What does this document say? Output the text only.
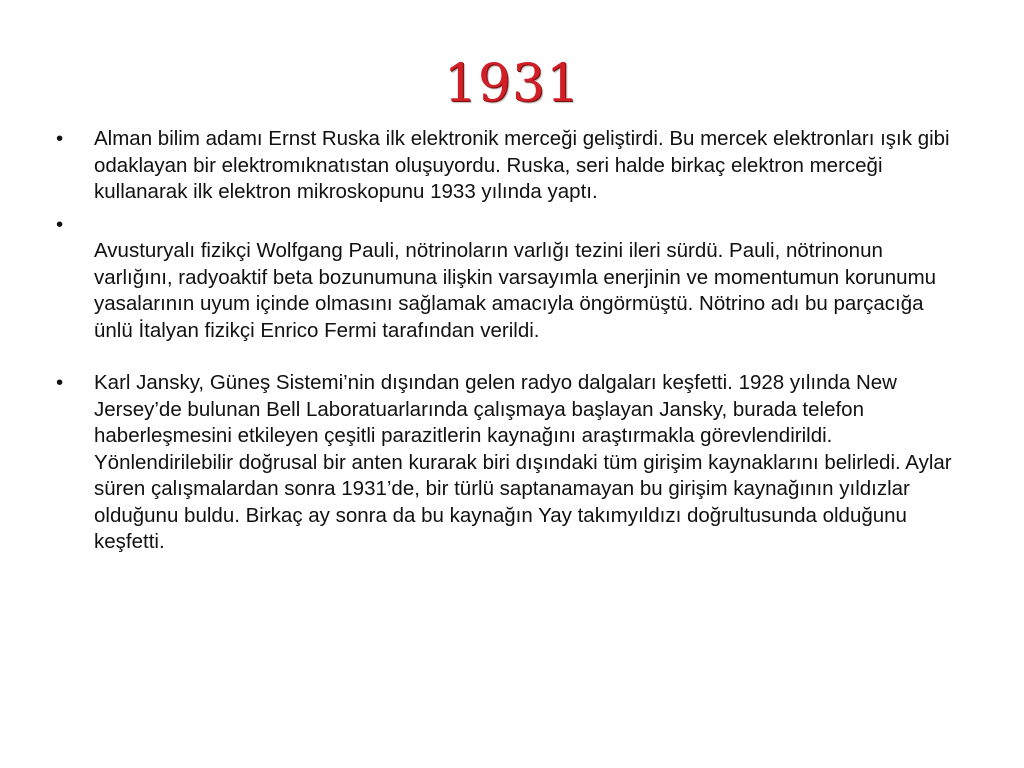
1931
•	Alman bilim adamı Ernst Ruska ilk elektronik merceği geliştirdi. Bu mercek elektronları ışık gibi odaklayan bir elektromıknatıstan oluşuyordu. Ruska, seri halde birkaç elektron merceği kullanarak ilk elektron mikroskopunu 1933 yılında yaptı.
•
Avusturyalı fizikçi Wolfgang Pauli, nötrinoların varlığı tezini ileri sürdü. Pauli, nötrinonun varlığını, radyoaktif beta bozunumuna ilişkin varsayımla enerjinin ve momentumun korunumu yasalarının uyum içinde olmasını sağlamak amacıyla öngörmüştü. Nötrino adı bu parçacığa ünlü İtalyan fizikçi Enrico Fermi tarafından verildi.
•	Karl Jansky, Güneş Sistemi’nin dışından gelen radyo dalgaları keşfetti. 1928 yılında New Jersey’de bulunan Bell Laboratuarlarında çalışmaya başlayan Jansky, burada telefon haberleşmesini etkileyen çeşitli parazitlerin kaynağını araştırmakla görevlendirildi. Yönlendirilebilir doğrusal bir anten kurarak biri dışındaki tüm girişim kaynaklarını belirledi. Aylar süren çalışmalardan sonra 1931’de, bir türlü saptanamayan bu girişim kaynağının yıldızlar olduğunu buldu. Birkaç ay sonra da bu kaynağın Yay takımyıldızı doğrultusunda olduğunu keşfetti.
